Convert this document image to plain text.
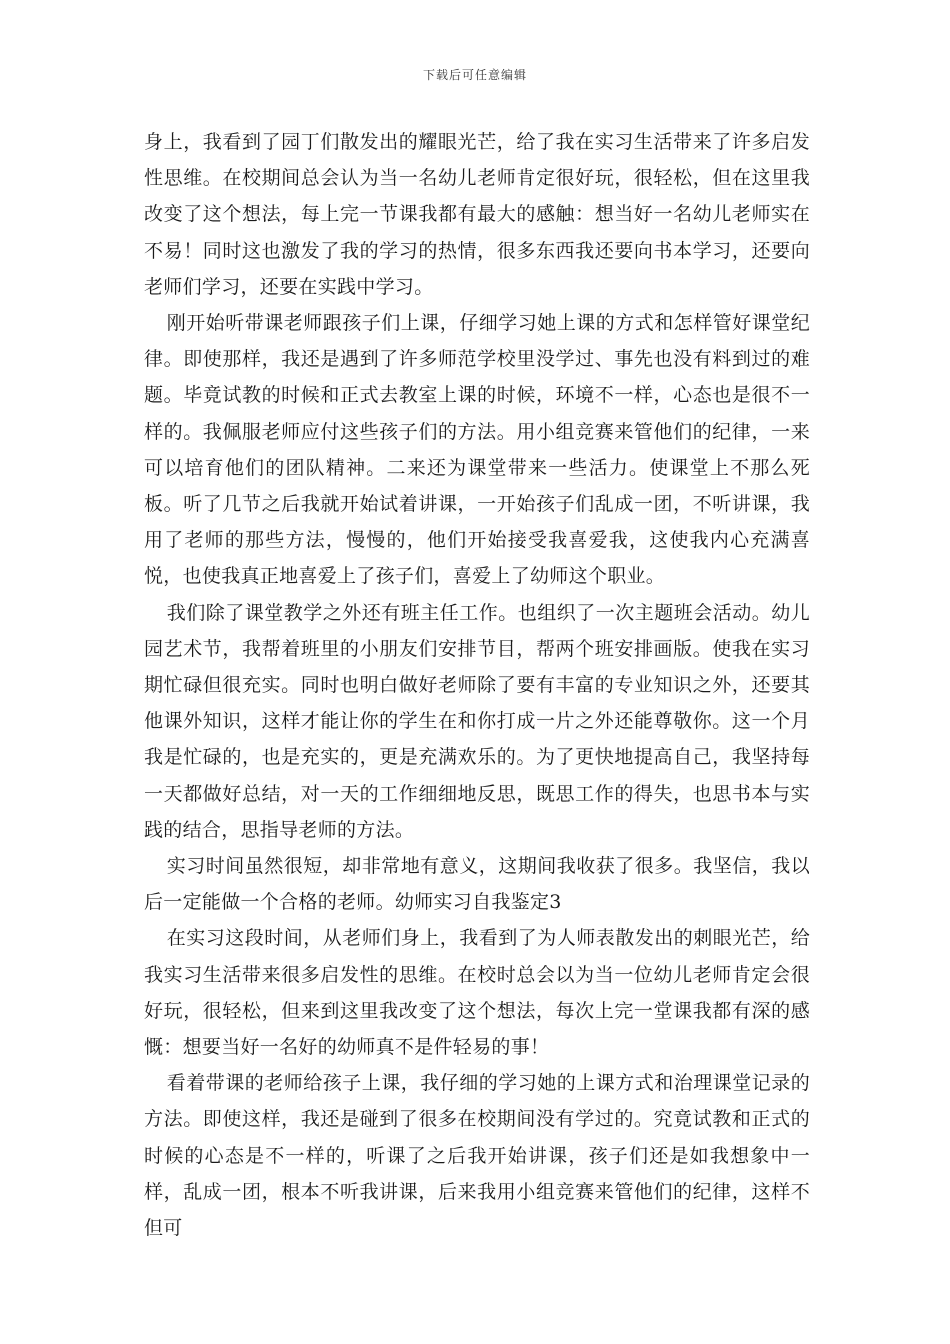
下载后可任意编辑

身上，我看到了园丁们散发出的耀眼光芒，给了我在实习生活带来了许多启发性思维。在校期间总会认为当一名幼儿老师肯定很好玩，很轻松，但在这里我改变了这个想法，每上完一节课我都有最大的感触：想当好一名幼儿老师实在不易！同时这也激发了我的学习的热情，很多东西我还要向书本学习，还要向老师们学习，还要在实践中学习。

刚开始听带课老师跟孩子们上课，仔细学习她上课的方式和怎样管好课堂纪律。即使那样，我还是遇到了许多师范学校里没学过、事先也没有料到过的难题。毕竟试教的时候和正式去教室上课的时候，环境不一样，心态也是很不一样的。我佩服老师应付这些孩子们的方法。用小组竞赛来管他们的纪律，一来可以培育他们的团队精神。二来还为课堂带来一些活力。使课堂上不那么死板。听了几节之后我就开始试着讲课，一开始孩子们乱成一团，不听讲课，我用了老师的那些方法，慢慢的，他们开始接受我喜爱我，这使我内心充满喜悦，也使我真正地喜爱上了孩子们，喜爱上了幼师这个职业。

我们除了课堂教学之外还有班主任工作。也组织了一次主题班会活动。幼儿园艺术节，我帮着班里的小朋友们安排节目，帮两个班安排画版。使我在实习期忙碌但很充实。同时也明白做好老师除了要有丰富的专业知识之外，还要其他课外知识，这样才能让你的学生在和你打成一片之外还能尊敬你。这一个月我是忙碌的，也是充实的，更是充满欢乐的。为了更快地提高自己，我坚持每一天都做好总结，对一天的工作细细地反思，既思工作的得失，也思书本与实践的结合，思指导老师的方法。

实习时间虽然很短，却非常地有意义，这期间我收获了很多。我坚信，我以后一定能做一个合格的老师。幼师实习自我鉴定3

在实习这段时间，从老师们身上，我看到了为人师表散发出的刺眼光芒，给我实习生活带来很多启发性的思维。在校时总会以为当一位幼儿老师肯定会很好玩，很轻松，但来到这里我改变了这个想法，每次上完一堂课我都有深的感慨：想要当好一名好的幼师真不是件轻易的事！

看着带课的老师给孩子上课，我仔细的学习她的上课方式和治理课堂记录的方法。即使这样，我还是碰到了很多在校期间没有学过的。究竟试教和正式的时候的心态是不一样的，听课了之后我开始讲课，孩子们还是如我想象中一样，乱成一团，根本不听我讲课，后来我用小组竞赛来管他们的纪律，这样不但可
